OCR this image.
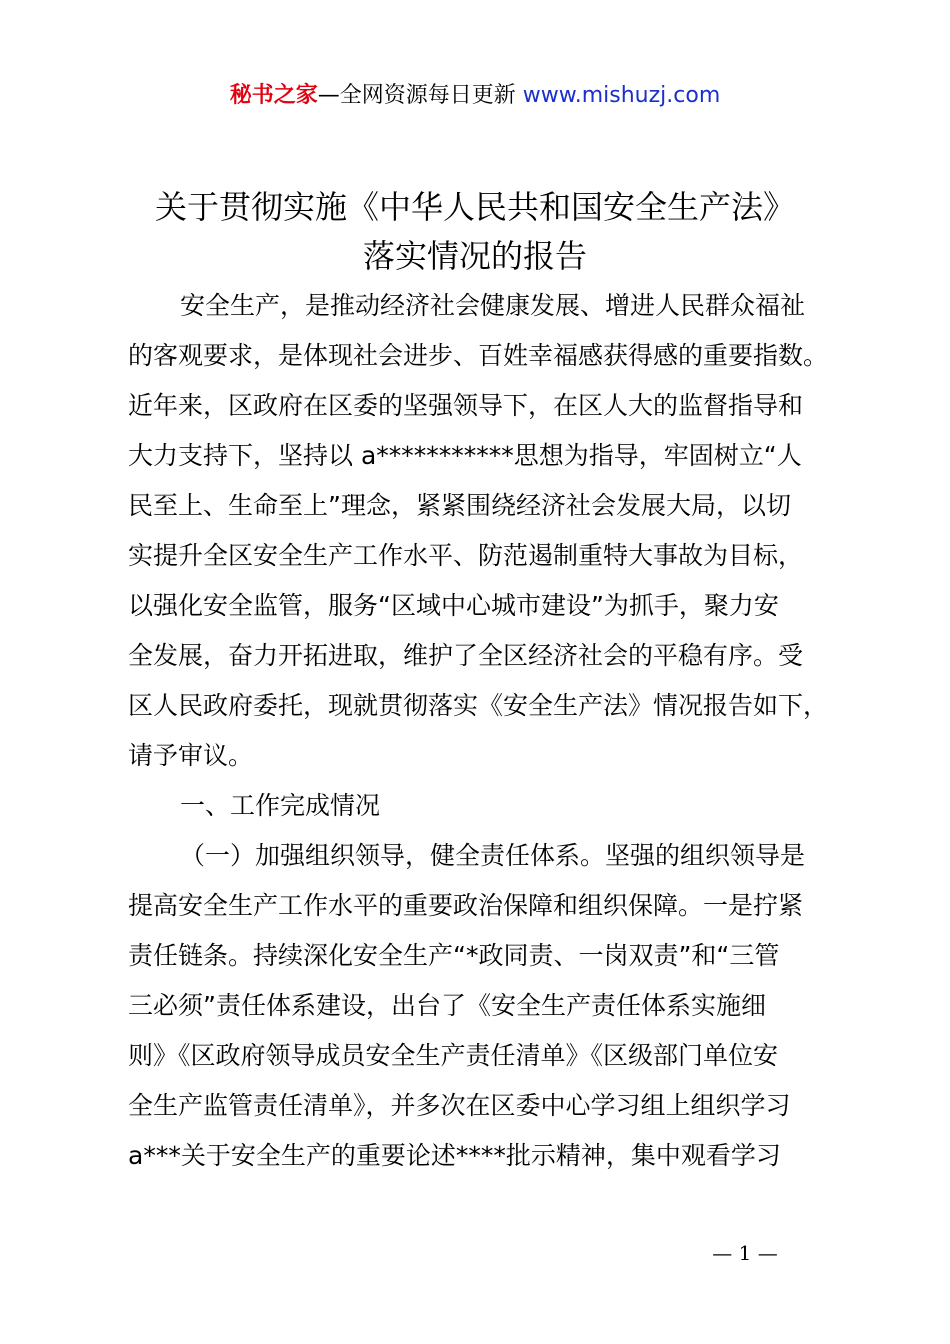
秘书之家—全网资源每日更新 www.mishuzj.com
关于贯彻实施《中华人民共和国安全生产法》
落实情况的报告
安全生产，是推动经济社会健康发展、增进人民群众福祉
的客观要求，是体现社会进步、百姓幸福感获得感的重要指数。
近年来，区政府在区委的坚强领导下，在区人大的监督指导和
大力支持下，坚持以 a***********思想为指导，牢固树立“人
民至上、生命至上”理念，紧紧围绕经济社会发展大局，以切
实提升全区安全生产工作水平、防范遏制重特大事故为目标，
以强化安全监管，服务“区域中心城市建设”为抓手，聚力安
全发展，奋力开拓进取，维护了全区经济社会的平稳有序。受
区人民政府委托，现就贯彻落实《安全生产法》情况报告如下，
请予审议。
一、工作完成情况
（一）加强组织领导，健全责任体系。坚强的组织领导是
提高安全生产工作水平的重要政治保障和组织保障。一是拧紧
责任链条。持续深化安全生产“*政同责、一岗双责”和“三管
三必须”责任体系建设，出台了《安全生产责任体系实施细
则》《区政府领导成员安全生产责任清单》《区级部门单位安
全生产监管责任清单》，并多次在区委中心学习组上组织学习
a***关于安全生产的重要论述****批示精神，集中观看学习
— 1 —
